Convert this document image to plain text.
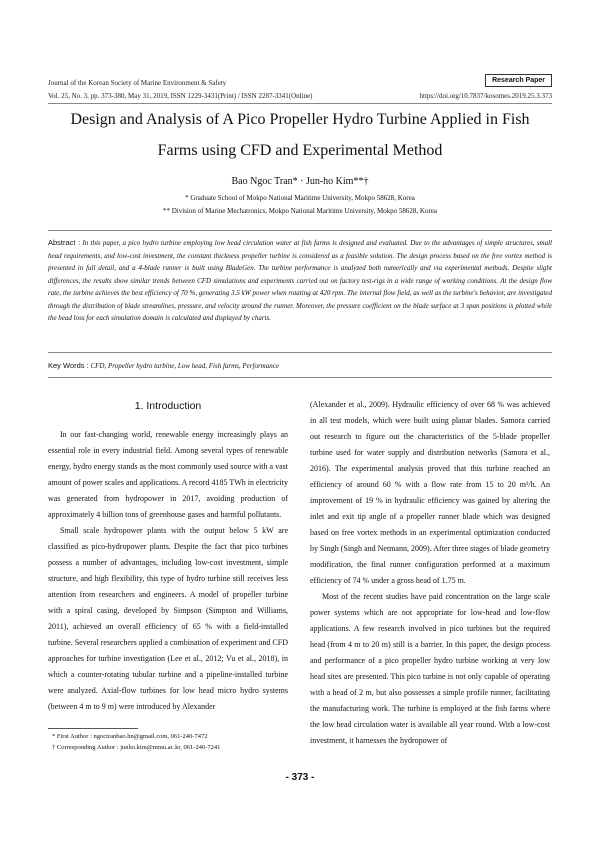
Journal of the Korean Society of Marine Environment & Safety	Research Paper
Vol. 25, No. 3, pp. 373-380, May 31, 2019, ISSN 1229-3431(Print) / ISSN 2287-3341(Online)	https://doi.org/10.7837/kosomes.2019.25.3.373
Design and Analysis of A Pico Propeller Hydro Turbine Applied in Fish
Farms using CFD and Experimental Method
Bao Ngoc Tran* · Jun-ho Kim**†
* Graduate School of Mokpo National Maritime University, Mokpo 58628, Korea
** Division of Marine Mechatronics, Mokpo National Maritime University, Mokpo 58628, Korea
Abstract : In this paper, a pico hydro turbine employing low head circulation water at fish farms is designed and evaluated. Due to the advantages of simple structures, small head requirements, and low-cost investment, the constant thickness propeller turbine is considered as a feasible solution. The design process based on the free vortex method is presented in full detail, and a 4-blade runner is built using BladeGen. The turbine performance is analyzed both numerically and via experimental methods. Despite slight differences, the results show similar trends between CFD simulations and experiments carried out on factory test-rigs in a wide range of working conditions. At the design flow rate, the turbine achieves the best efficiency of 70 %, generating 3.5 kW power when rotating at 420 rpm. The internal flow field, as well as the turbine's behavior, are investigated through the distribution of blade streamlines, pressure, and velocity around the runner. Moreover, the pressure coefficient on the blade surface at 3 span positions is plotted while the head loss for each simulation domain is calculated and displayed by charts.
Key Words : CFD, Propeller hydro turbine, Low head, Fish farms, Performance
1. Introduction

In our fast-changing world, renewable energy increasingly plays an essential role in every industrial field. Among several types of renewable energy, hydro energy stands as the most commonly used source with a vast amount of power scales and applications. A record 4185 TWh in electricity was generated from hydropower in 2017, avoiding production of approximately 4 billion tons of greenhouse gases and harmful pollutants.

Small scale hydropower plants with the output below 5 kW are classified as pico-hydropower plants. Despite the fact that pico turbines possess a number of advantages, including low-cost investment, simple structure, and high flexibility, this type of hydro turbine still receives less attention from researchers and engineers. A model of propeller turbine with a spiral casing, developed by Simpson (Simpson and Williams, 2011), achieved an overall efficiency of 65 % with a field-installed turbine. Several researchers applied a combination of experiment and CFD approaches for turbine investigation (Lee et al., 2012; Vu et al., 2018), in which a counter-rotating tubular turbine and a pipeline-installed turbine were analyzed. Axial-flow turbines for low head micro hydro systems (between 4 m to 9 m) were introduced by Alexander

(Alexander et al., 2009). Hydraulic efficiency of over 68 % was achieved in all test models, which were built using planar blades. Samora carried out research to figure out the characteristics of the 5-blade propeller turbine used for water supply and distribution networks (Samora et al., 2016). The experimental analysis proved that this turbine reached an efficiency of around 60 % with a flow rate from 15 to 20 m³/h. An improvement of 19 % in hydraulic efficiency was gained by altering the inlet and exit tip angle of a propeller runner blade which was designed based on free vortex methods in an experimental optimization conducted by Singh (Singh and Netmann, 2009). After three stages of blade geometry modification, the final runner configuration performed at a maximum efficiency of 74 % under a gross head of 1.75 m.

Most of the recent studies have paid concentration on the large scale power systems which are not appropriate for low-head and low-flow applications. A few research involved in pico turbines but the required head (from 4 m to 20 m) still is a barrier. In this paper, the design process and performance of a pico propeller hydro turbine working at very low head sites are presented. This pico turbine is not only capable of operating with a head of 2 m, but also possesses a simple profile runner, facilitating the manufacturing work. The turbine is employed at the fish farms where the low head circulation water is available all year round. With a low-cost investment, it harnesses the hydropower of

* First Author : ngoctranbao.hn@gmail.com, 061-240-7472
† Corresponding Author : junho.kim@mmu.ac.kr, 061-240-7241
- 373 -
